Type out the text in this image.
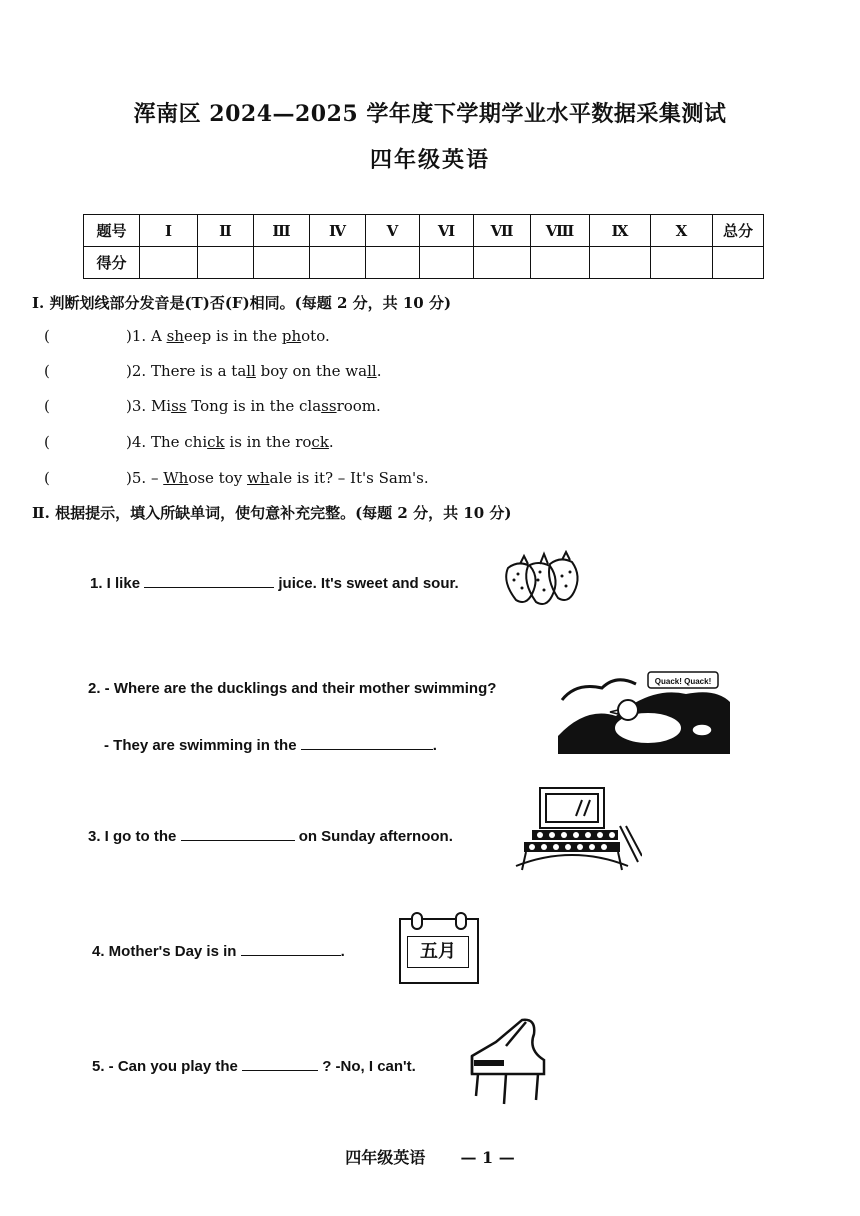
浑南区 2024—2025 学年度下学期学业水平数据采集测试
四年级英语
题号	Ⅰ	Ⅱ	Ⅲ	Ⅳ	Ⅴ	Ⅵ	Ⅶ	Ⅷ	Ⅸ	Ⅹ	总分
得分											
Ⅰ. 判断划线部分发音是(T)否(F)相同。(每题 2 分，共 10 分)
(	)1. A sheep is in the photo.
(	)2. There is a tall boy on the wall.
(	)3. Miss Tong is in the classroom.
(	)4. The chick is in the rock.
(	)5. – Whose toy whale is it? – It's Sam's.
Ⅱ. 根据提示，填入所缺单词，使句意补充完整。(每题 2 分，共 10 分)
1. I like	juice. It's sweet and sour.
2. - Where are the ducklings and their mother swimming?
- They are swimming in the	.
Quack! Quack!
3. I go to the	on Sunday afternoon.
4. Mother's Day is in	.	五月
5. - Can you play the	? -No, I can't.
四年级英语 — 1 —
